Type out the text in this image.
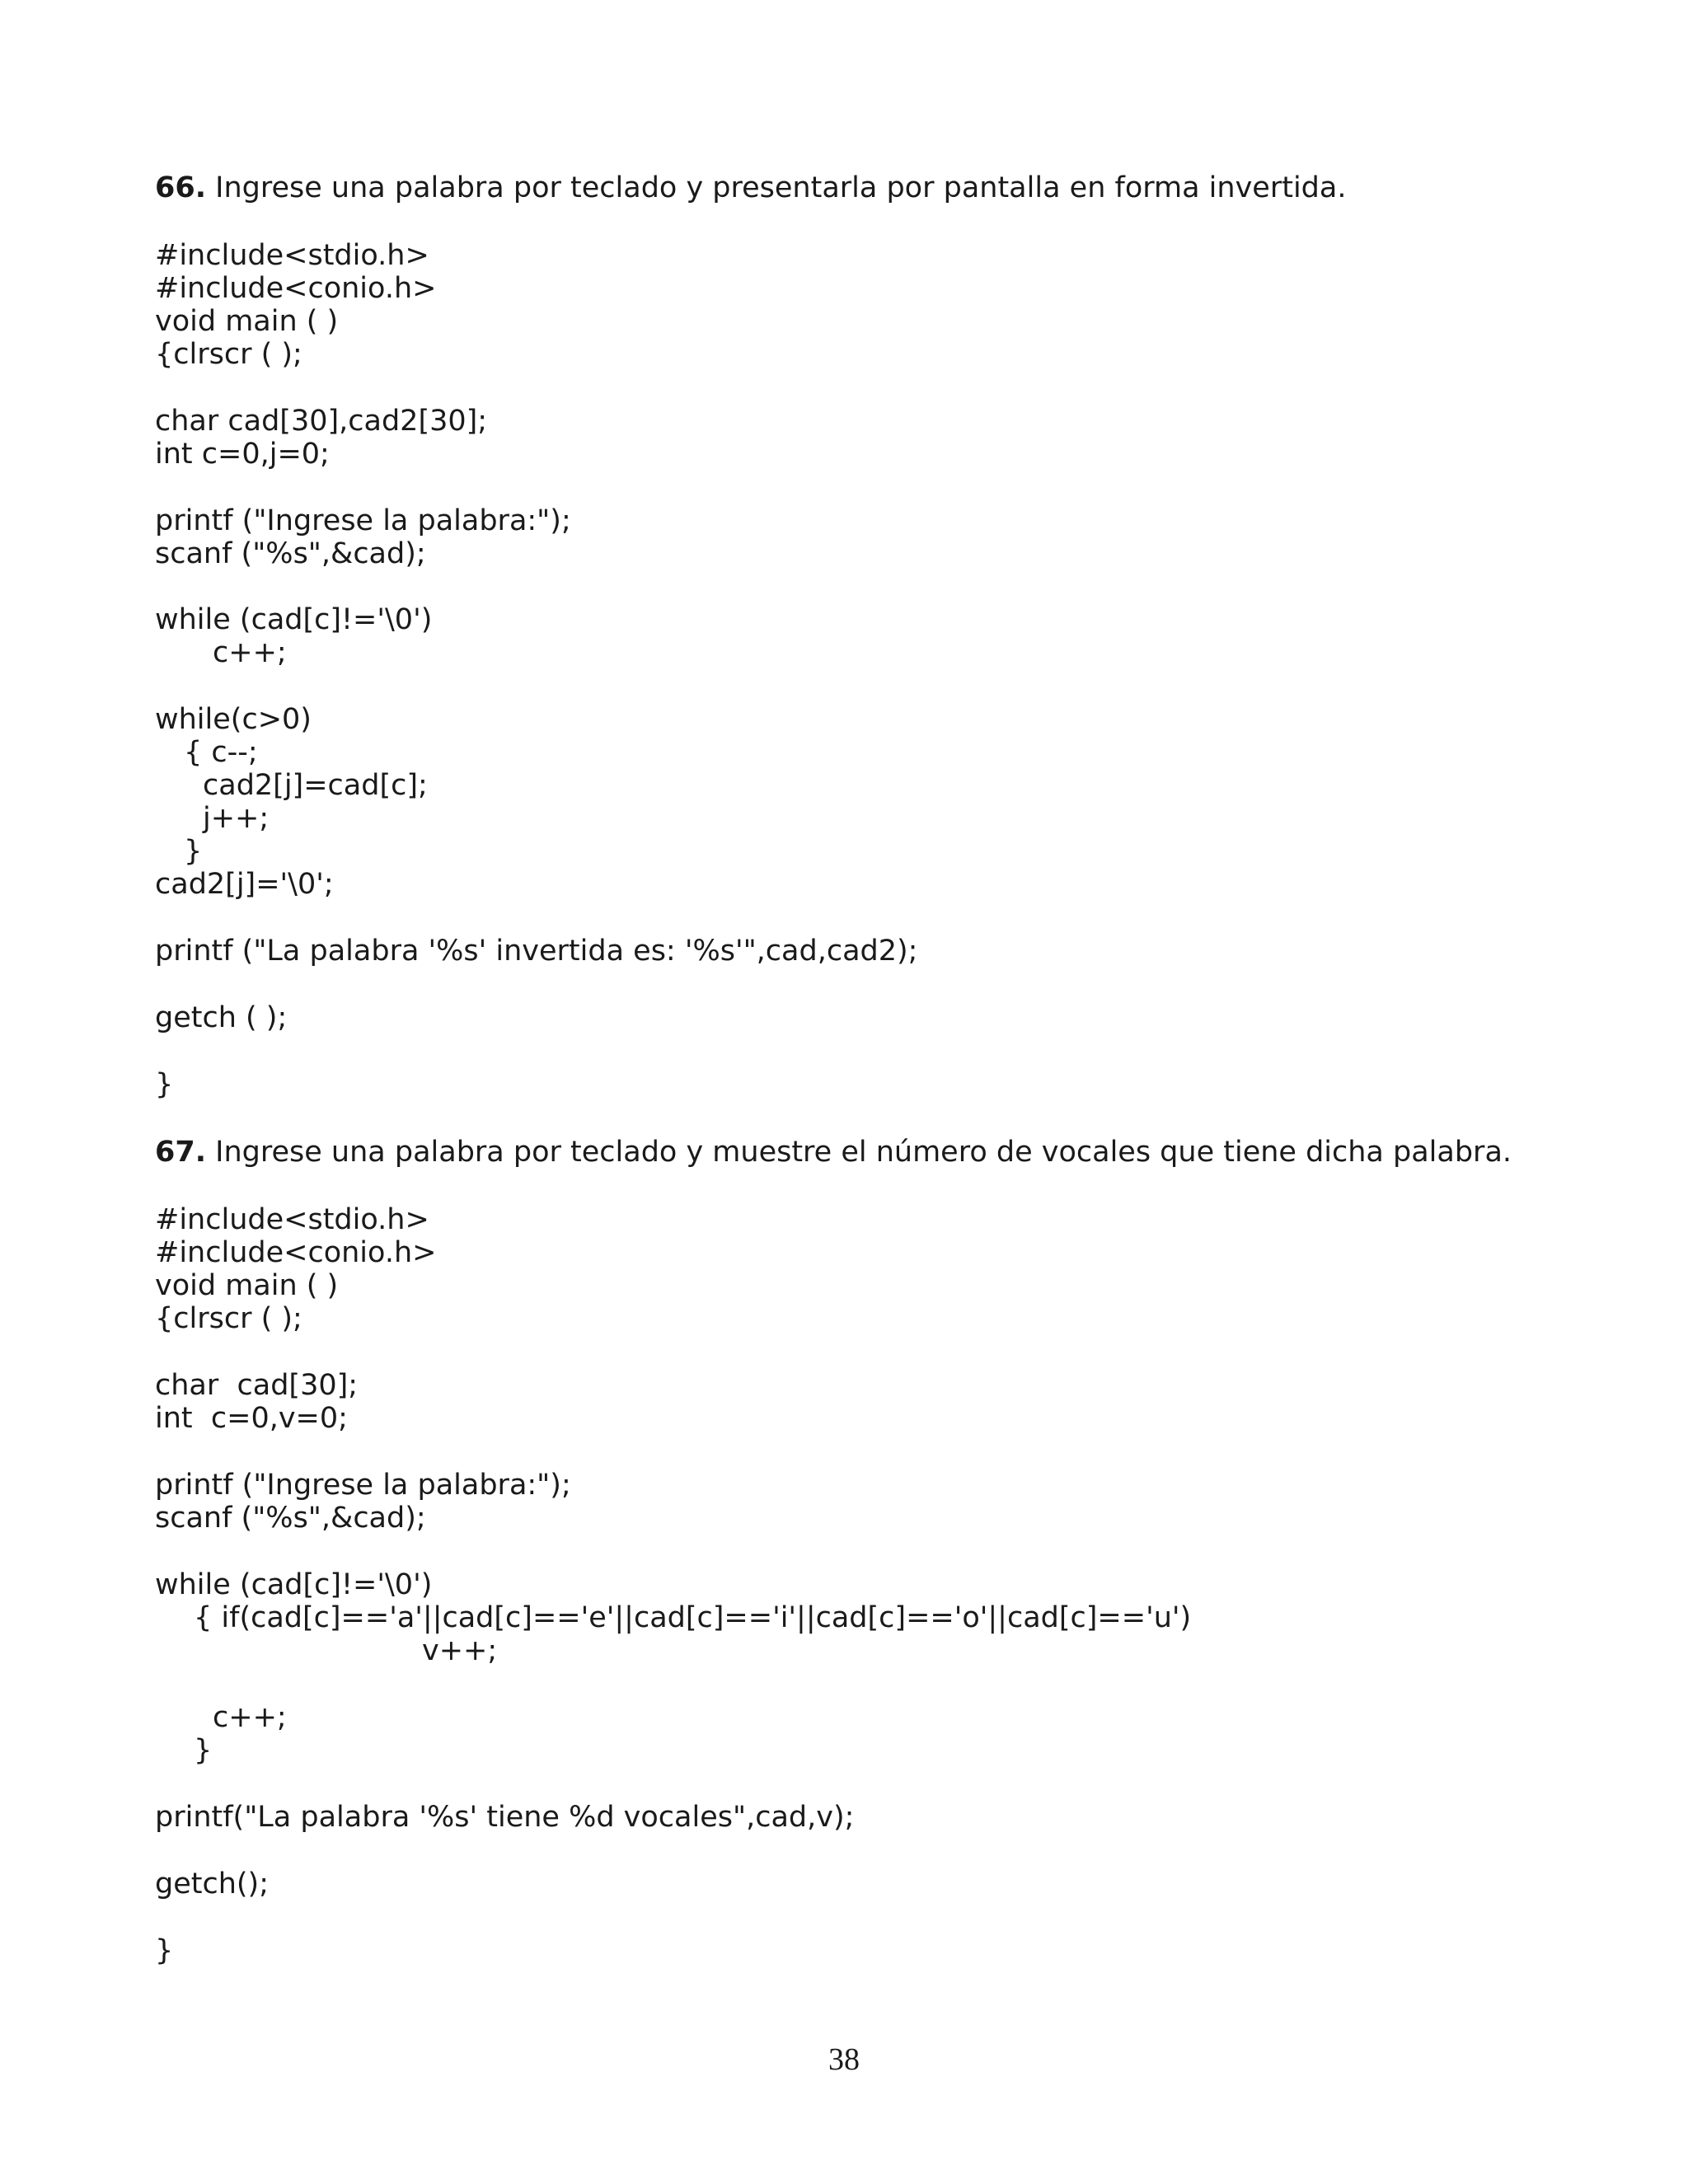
66. Ingrese una palabra por teclado y presentarla por pantalla en forma invertida.
#include<stdio.h>
#include<conio.h>
void main ( )
{clrscr ( );
char cad[30],cad2[30];
int c=0,j=0;
printf ("Ingrese la palabra:");
scanf ("%s",&cad);
while (cad[c]!='\0')
c++;
while(c>0)
{ c--;
cad2[j]=cad[c];
j++;
}
cad2[j]='\0';
printf ("La palabra '%s' invertida es: '%s'",cad,cad2);
getch ( );
}
67. Ingrese una palabra por teclado y muestre el número de vocales que tiene dicha palabra.
#include<stdio.h>
#include<conio.h>
void main ( )
{clrscr ( );
char  cad[30];
int  c=0,v=0;
printf ("Ingrese la palabra:");
scanf ("%s",&cad);
while (cad[c]!='\0')
{ if(cad[c]=='a'||cad[c]=='e'||cad[c]=='i'||cad[c]=='o'||cad[c]=='u')
v++;
c++;
}
printf("La palabra '%s' tiene %d vocales",cad,v);
getch();
}
38
